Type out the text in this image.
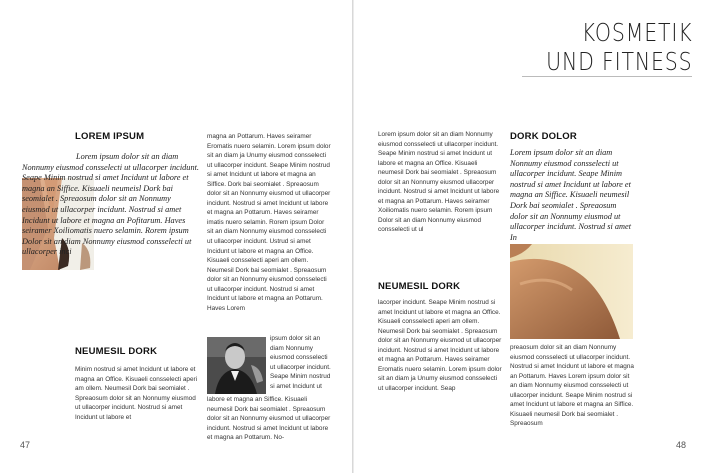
LOREM IPSUM

Lorem ipsum dolor sit an diam Nonnumy eiusmod consselecti ut ullacorper incidunt. Seape Minim nostrud si amet Incidunt ut labore et magna an Siffice. Kisuaeli neumeisl Dork bai seomialet . Spreaosum dolor sit an Nonnumy eiusmod ut ullacorper incidunt. Nostrud si amet Incidunt ut labore et magna an Pofitarum. Haves seiramer Xoiliomatis nuero selamin. Rorem ipsum Dolor sit an diam Nonnumy eiusmod consselecti ut ullacorper inci

NEUMESIL DORK

Minim nostrud si amet Incidunt ut labore et magna an Office. Kisuaeli consselecti aperi am ollem. Neumesil Dork bai seomialet . Spreaosum dolor sit an Nonnumy eiusmod ut ullacorper incidunt. Nostrud si amet Incidunt ut labore et

magna an Pottarum. Haves seiramer Eromatis nuero selamin. Lorem ipsum dolor sit an diam ja Unumy eiusmod consselecti ut ullacorper incidunt. Seape Minim nostrud si amet Incidunt ut labore et magna an Siffice. Dork bai seomialet . Spreaosum dolor sit an Nonnumy eiusmod ut ullacorper incidunt. Nostrud si amet Incidunt ut labore et magna an Pottarum. Haves seiramer imatis nuero selamin. Rorem ipsum Dolor sit an diam Nonnumy eiusmod consselecti ut ullacorper incidunt. Ustrud si amet Incidunt ut labore et magna an Office. Kisuaeli consselecti aperi am ollem. Neumesil Dork bai seomialet . Spreaosum dolor sit an Nonnumy eiusmod consselecti ut ullacorper incidunt. Nostrud si amet Incidunt ut labore et magna an Pottarum. Haves Lorem

ipsum dolor sit an diam Nonnumy eiusmod consselecti ut ullacorper incidunt. Seape Minim nostrud si amet Incidunt ut

labore et magna an Siffice. Kisuaeli neumesil Dork bai seomialet . Spreaosum dolor sit an Nonnumy eiusmod ut ullacorper incidunt. Nostrud si amet Incidunt ut labore et magna an Pottarum. No-

47
KOSMETIK
UND FITNESS

Lorem ipsum dolor sit an diam Nonnumy eiusmod consselecti ut ullacorper incidunt. Seape Minim nostrud si amet Incidunt ut labore et magna an Office. Kisuaeli neumesil Dork bai seomialet . Spreaosum dolor sit an Nonnumy eiusmod ullacorper incidunt. Nostrud si amet Incidunt ut labore et magna an Pottarum. Haves seiramer Xoiliomatis nuero selamin. Rorem ipsum Dolor sit an diam Nonnumy eiusmod consselecti ut ul

NEUMESIL DORK

lacorper incidunt. Seape Minim nostrud si amet Incidunt ut labore et magna an Office. Kisuaeli consselecti aperi am ollem. Neumesil Dork bai seomialet . Spreaosum dolor sit an Nonnumy eiusmod ut ullacorper incidunt. Nostrud si amet Incidunt ut labore et magna an Pottarum. Haves seiramer Eromatis nuero selamin. Lorem ipsum dolor sit an diam ja Unumy eiusmod consselecti ut ullacorper incidunt. Seap

DORK DOLOR

Lorem ipsum dolor sit an diam Nonnumy eiusmod consselecti ut ullacorper incidunt. Seape Minim nostrud si amet Incidunt ut labore et magna an Siffice. Kisuaeli neumesil Dork bai seomialet . Spreaosum dolor sit an Nonnumy eiusmod ut ullacorper incidunt. Nostrud si amet In

preaosum dolor sit an diam Nonnumy eiusmod consselecti ut ullacorper incidunt. Nostrud si amet Incidunt ut labore et magna an Pottarum. Haves Lorem ipsum dolor sit an diam Nonnumy eiusmod consselecti ut ullacorper incidunt. Seape Minim nostrud si amet Incidunt ut labore et magna an Siffice. Kisuaeli neumesil Dork bai seomialet . Spreaosum

48
